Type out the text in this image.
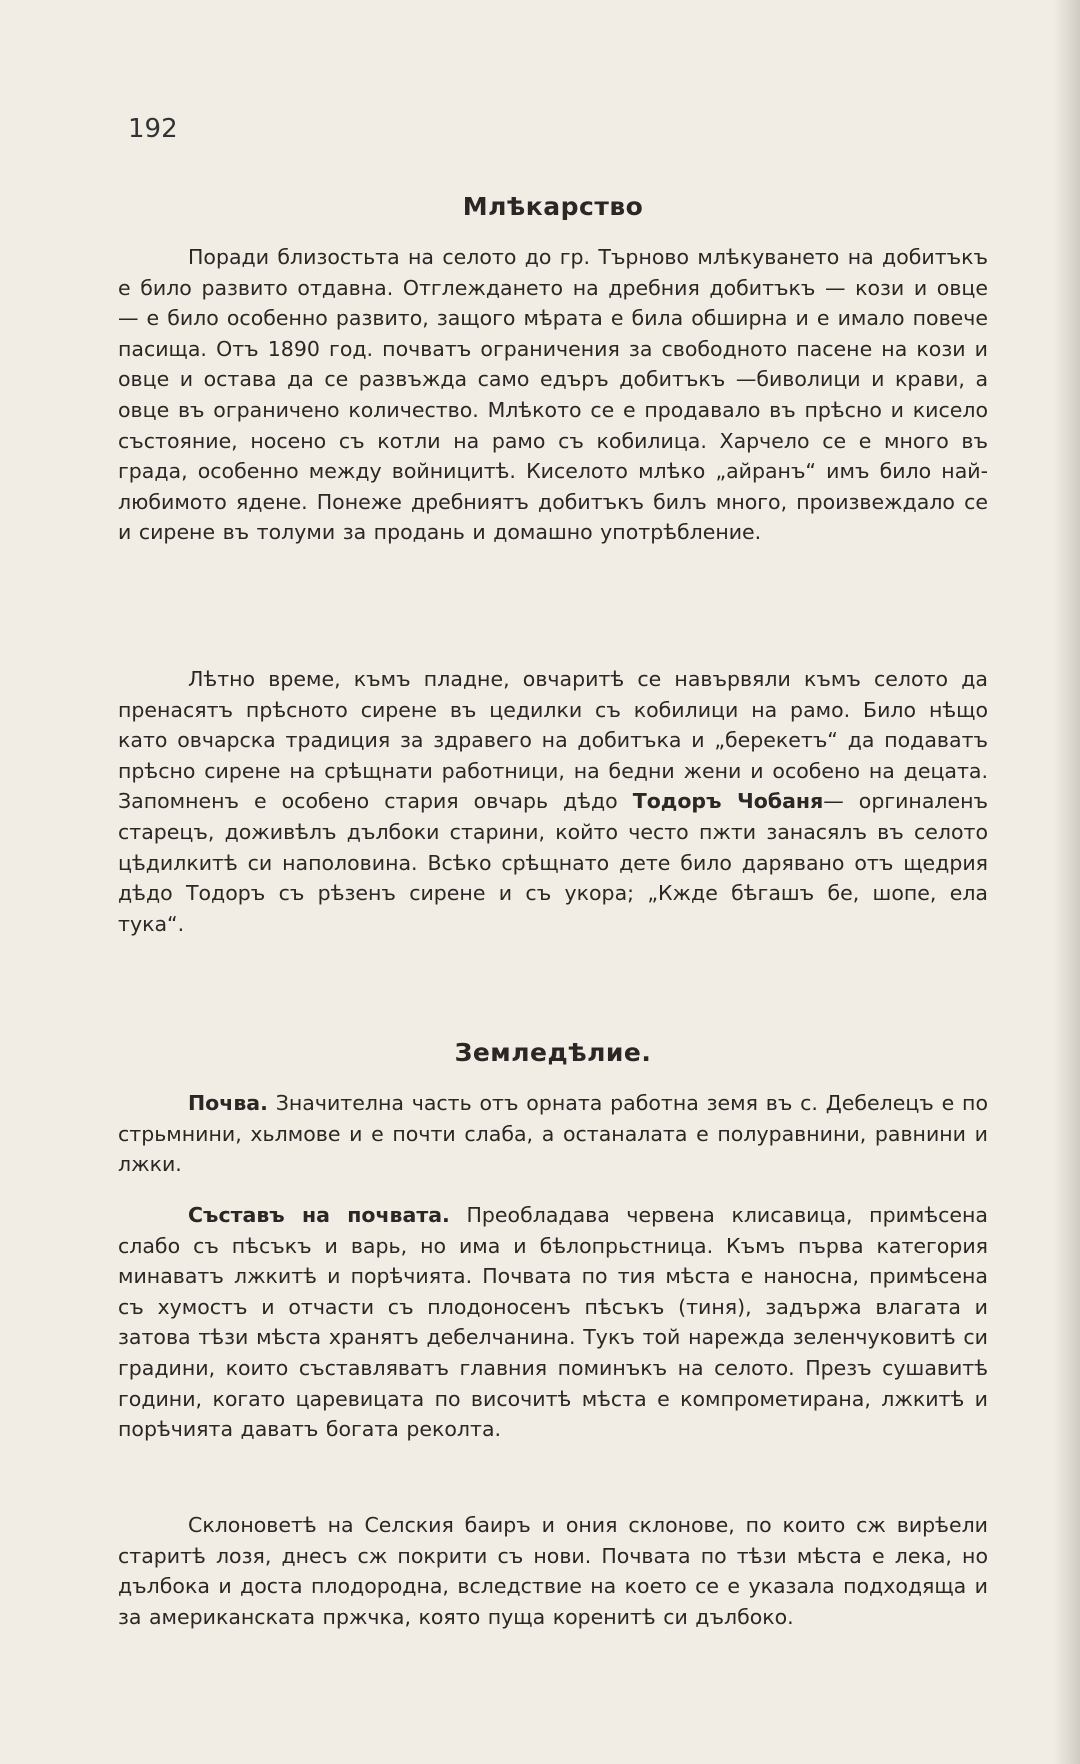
192
Млѣкарство

Поради близостьта на селото до гр. Търново млѣкуването на добитъкъ е било развито отдавна. Отглеждането на дребния добитъкъ — кози и овце — е било особенно развито, защого мѣрата е била обширна и е имало повече пасища. Отъ 1890 год. почватъ ограничения за свободното пасене на кози и овце и остава да се развъжда само едъръ добитъкъ —биволици и крави, а овце въ ограничено количество. Млѣкото се е продавало въ прѣсно и кисело състояние, носено съ котли на рамо съ кобилица. Харчело се е много въ града, особенно между войницитѣ. Киселото млѣко „айранъ“ имъ било най-любимото ядене. Понеже дребниятъ добитъкъ билъ много, произвеждало се и сирене въ толуми за продань и домашно употрѣбление.

Лѣтно време, къмъ пладне, овчаритѣ се навървяли къмъ селото да пренасятъ прѣсното сирене въ цедилки съ кобилици на рамо. Било нѣщо като овчарска традиция за здравего на добитъка и „берекетъ“ да подаватъ прѣсно сирене на срѣщнати работници, на бедни жени и особено на децата. Запомненъ е особено стария овчарь дѣдо Тодоръ Чобаня— оргиналенъ старецъ, доживѣлъ дълбоки старини, който често пжти занасялъ въ селото цѣдилкитѣ си наполовина. Всѣко срѣщнато дете било дарявано отъ щедрия дѣдо Тодоръ съ рѣзенъ сирене и съ укора; „Кжде бѣгашъ бе, шопе, ела тука“.

Земледѣлие.

Почва. Значителна часть отъ орната работна земя въ с. Дебелецъ е по стрьмнини, хьлмове и е почти слаба, а останалата е полуравнини, равнини и лжки.

Съставъ на почвата. Преобладава червена клисавица, примѣсена слабо съ пѣсъкъ и варь, но има и бѣлопрьстница. Къмъ първа категория минаватъ лжкитѣ и порѣчията. Почвата по тия мѣста е наносна, примѣсена съ хумостъ и отчасти съ плодоносенъ пѣсъкъ (тиня), задържа влагата и затова тѣзи мѣста хранятъ дебелчанина. Тукъ той нарежда зеленчуковитѣ си градини, които съставляватъ главния поминъкъ на селото. Презъ сушавитѣ години, когато царевицата по височитѣ мѣста е компрометирана, лжкитѣ и порѣчията даватъ богата реколта.

Склоноветѣ на Селския баиръ и ония склонове, по които сж вирѣели старитѣ лозя, днесъ сж покрити съ нови. Почвата по тѣзи мѣста е лека, но дълбока и доста плодородна, вследствие на което се е указала подходяща и за американската пржчка, която пуща коренитѣ си дълбоко.
